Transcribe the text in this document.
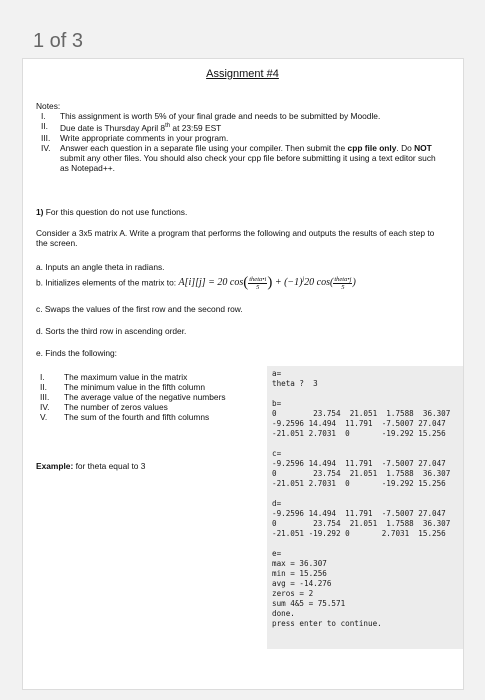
1 of 3
Assignment #4
Notes:
I.	This assignment is worth 5% of your final grade and needs to be submitted by Moodle.
II.	Due date is Thursday April 8th at 23:59 EST
III.	Write appropriate comments in your program.
IV.	Answer each question in a separate file using your compiler. Then submit the cpp file only. Do NOT submit any other files. You should also check your cpp file before submitting it using a text editor such as Notepad++.
1) For this question do not use functions.
Consider a 3x5 matrix A. Write a program that performs the following and outputs the results of each step to the screen.
a. Inputs an angle theta in radians.
b. Initializes elements of the matrix to: A[i][j] = 20 $\cos( \frac{\text{theta•i}}{5}$ ) + $(-1)^j20$ $\cos( \frac{\text{theta•j}}{5}$ )
c. Swaps the values of the first row and the second row.
d. Sorts the third row in ascending order.
e. Finds the following:
I.	The maximum value in the matrix
II.	The minimum value in the fifth column
III.	The average value of the negative numbers
IV.	The number of zeros values
V.	The sum of the fourth and fifth columns
Example: for theta equal to 3
a=
theta ?  3

b=
0        23.754  21.051  1.7588  36.307
-9.2596 14.494  11.791  -7.5007 27.047
-21.051 2.7031  0       -19.292 15.256

c=
-9.2596 14.494  11.791  -7.5007 27.047
0        23.754  21.051  1.7588  36.307
-21.051 2.7031  0       -19.292 15.256

d=
-9.2596 14.494  11.791  -7.5007 27.047
0        23.754  21.051  1.7588  36.307
-21.051 -19.292 0       2.7031  15.256

e=
max = 36.307
min = 15.256
avg = -14.276
zeros = 2
sum 4&5 = 75.571
done.
press enter to continue.
